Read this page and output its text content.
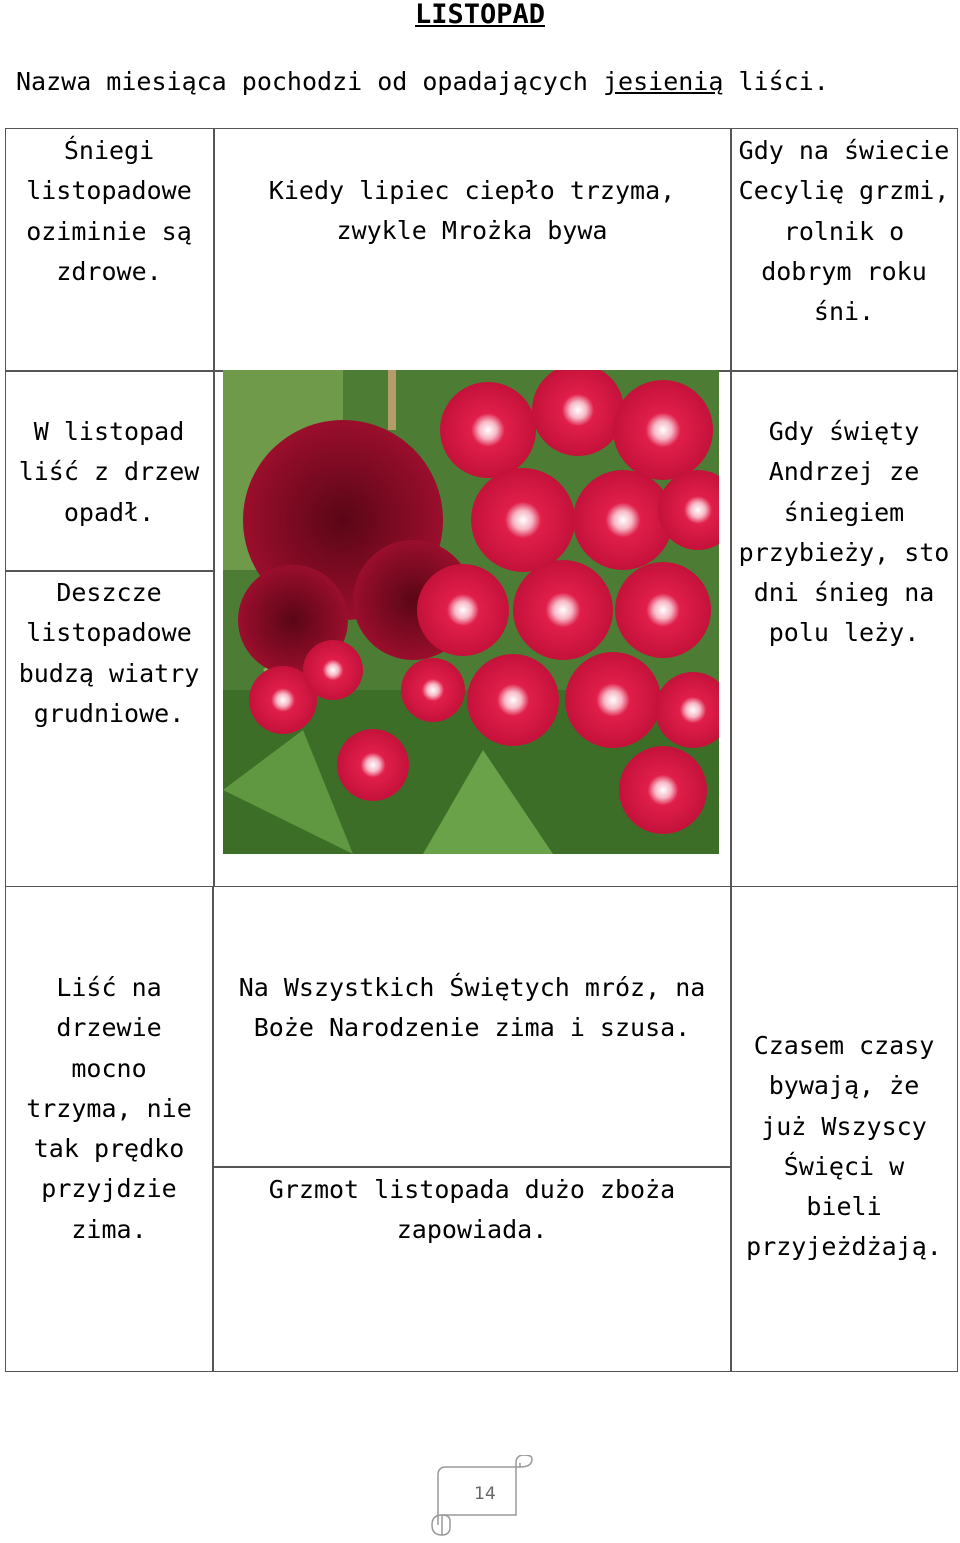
LISTOPAD
Nazwa miesiąca pochodzi od opadających jesienią liści.
Śniegi listopadowe oziminie są zdrowe.
Kiedy lipiec ciepło trzyma, zwykle Mrożka bywa
Gdy na świecie Cecylię grzmi, rolnik o dobrym roku śni.
W listopad liść z drzew opadł.
Deszcze listopadowe budzą wiatry grudniowe.
Gdy święty Andrzej ze śniegiem przybieży, sto dni śnieg na polu leży.
Liść na drzewie mocno trzyma, nie tak prędko przyjdzie zima.
Na Wszystkich Świętych mróz, na Boże Narodzenie zima i szusa.
Grzmot listopada dużo zboża zapowiada.
Czasem czasy bywają, że już Wszyscy Święci w bieli przyjeżdżają.
14
